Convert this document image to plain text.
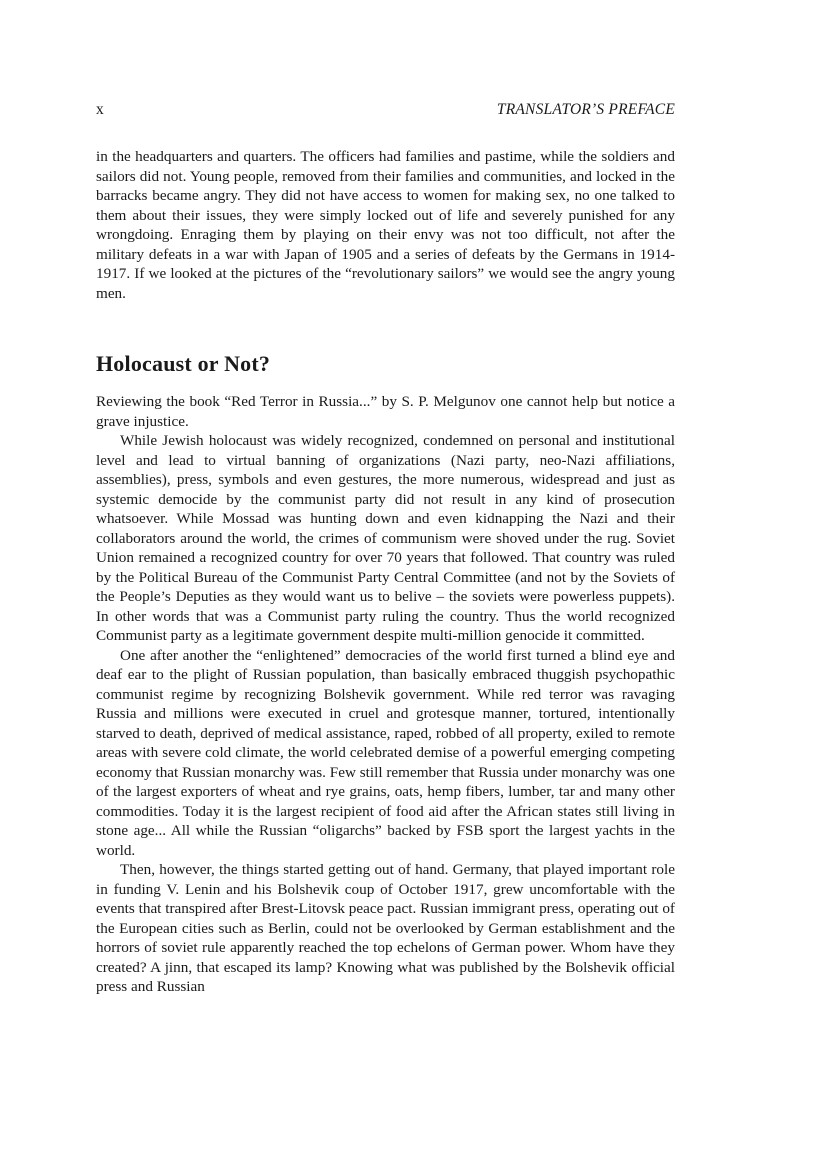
x	TRANSLATOR’S PREFACE

in the headquarters and quarters. The officers had families and pastime, while the soldiers and sailors did not. Young people, removed from their families and communities, and locked in the barracks became angry. They did not have access to women for making sex, no one talked to them about their issues, they were simply locked out of life and severely punished for any wrongdoing. Enraging them by playing on their envy was not too difficult, not after the military defeats in a war with Japan of 1905 and a series of defeats by the Germans in 1914-1917. If we looked at the pictures of the “revolutionary sailors” we would see the angry young men.

Holocaust or Not?

Reviewing the book “Red Terror in Russia...” by S. P. Melgunov one cannot help but notice a grave injustice.

While Jewish holocaust was widely recognized, condemned on personal and institutional level and lead to virtual banning of organizations (Nazi party, neo-Nazi affiliations, assemblies), press, symbols and even gestures, the more numerous, widespread and just as systemic democide by the communist party did not result in any kind of prosecution whatsoever. While Mossad was hunting down and even kidnapping the Nazi and their collaborators around the world, the crimes of communism were shoved under the rug. Soviet Union remained a recognized country for over 70 years that followed. That country was ruled by the Political Bureau of the Communist Party Central Committee (and not by the Soviets of the People’s Deputies as they would want us to belive – the soviets were powerless puppets). In other words that was a Communist party ruling the country. Thus the world recognized Communist party as a legitimate government despite multi-million genocide it committed.

One after another the “enlightened” democracies of the world first turned a blind eye and deaf ear to the plight of Russian population, than basically embraced thuggish psychopathic communist regime by recognizing Bolshevik government. While red terror was ravaging Russia and millions were executed in cruel and grotesque manner, tortured, intentionally starved to death, deprived of medical assistance, raped, robbed of all property, exiled to remote areas with severe cold climate, the world celebrated demise of a powerful emerging competing economy that Russian monarchy was. Few still remember that Russia under monarchy was one of the largest exporters of wheat and rye grains, oats, hemp fibers, lumber, tar and many other commodities. Today it is the largest recipient of food aid after the African states still living in stone age... All while the Russian “oligarchs” backed by FSB sport the largest yachts in the world.

Then, however, the things started getting out of hand. Germany, that played important role in funding V. Lenin and his Bolshevik coup of October 1917, grew uncomfortable with the events that transpired after Brest-Litovsk peace pact. Russian immigrant press, operating out of the European cities such as Berlin, could not be overlooked by German establishment and the horrors of soviet rule apparently reached the top echelons of German power. Whom have they created? A jinn, that escaped its lamp? Knowing what was published by the Bolshevik official press and Russian
